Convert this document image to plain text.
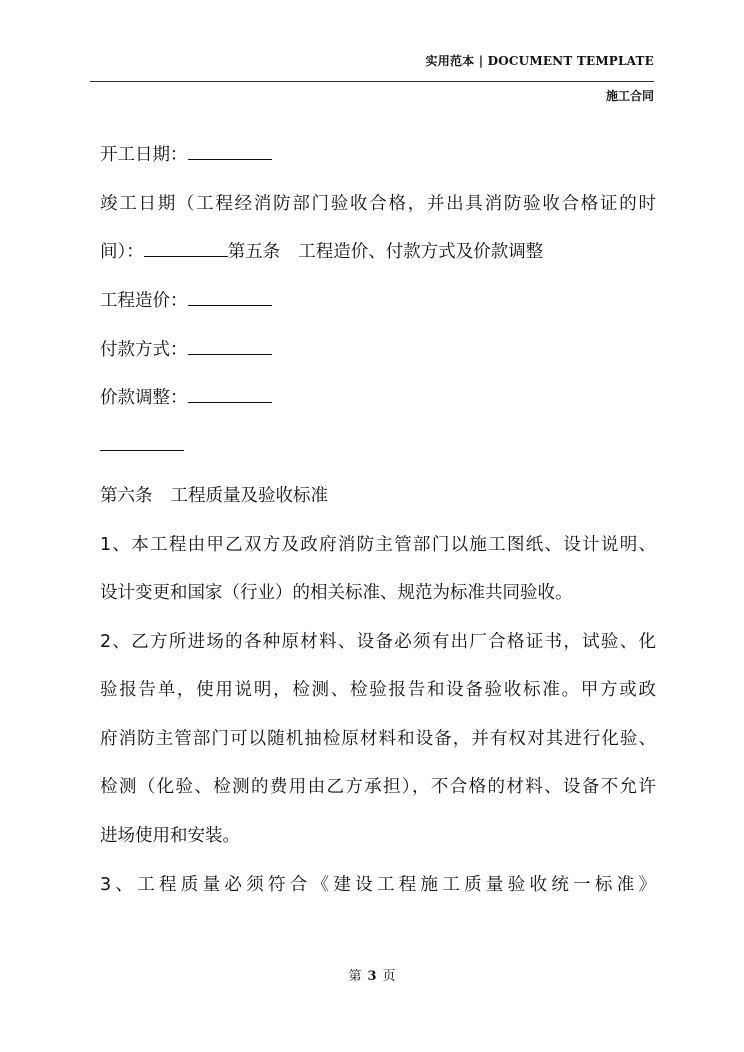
实用范本 | DOCUMENT TEMPLATE
施工合同
开工日期：
竣工日期（工程经消防部门验收合格，并出具消防验收合格证的时
间）：	第五条 工程造价、付款方式及价款调整
工程造价：
付款方式：
价款调整：
第六条 工程质量及验收标准
1、本工程由甲乙双方及政府消防主管部门以施工图纸、设计说明、
设计变更和国家（行业）的相关标准、规范为标准共同验收。
2、乙方所进场的各种原材料、设备必须有出厂合格证书，试验、化
验报告单，使用说明，检测、检验报告和设备验收标准。甲方或政
府消防主管部门可以随机抽检原材料和设备，并有权对其进行化验、
检测（化验、检测的费用由乙方承担），不合格的材料、设备不允许
进场使用和安装。
3、工程质量必须符合《建设工程施工质量验收统一标准》
第 3 页
